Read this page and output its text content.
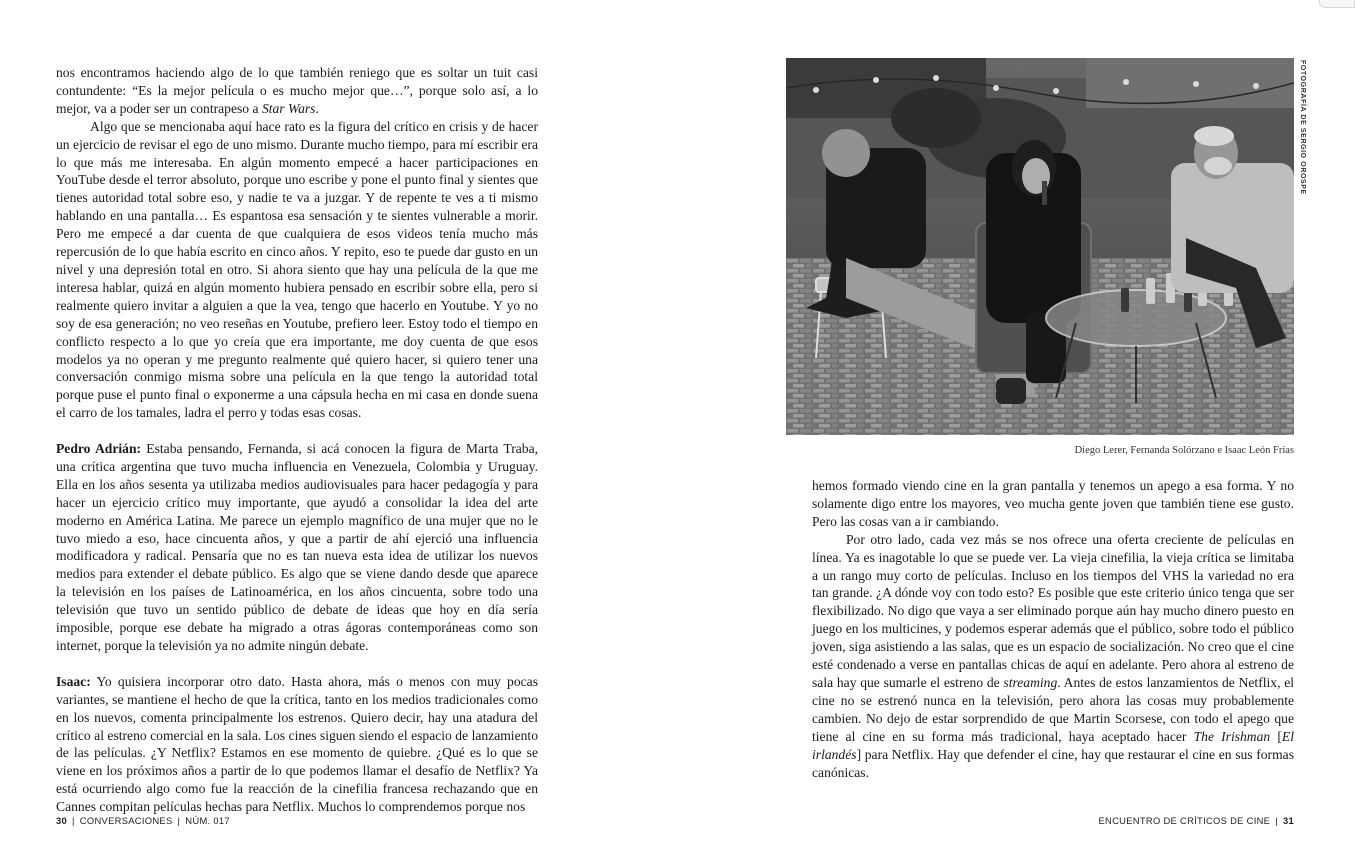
nos encontramos haciendo algo de lo que también reniego que es soltar un tuit casi contundente: “Es la mejor película o es mucho mejor que…”, porque solo así, a lo mejor, va a poder ser un contrapeso a Star Wars.

Algo que se mencionaba aquí hace rato es la figura del crítico en crisis y de hacer un ejercicio de revisar el ego de uno mismo. Durante mucho tiempo, para mí escribir era lo que más me interesaba. En algún momento empecé a hacer participaciones en YouTube desde el terror absoluto, porque uno escribe y pone el punto final y sientes que tienes autoridad total sobre eso, y nadie te va a juzgar. Y de repente te ves a ti mismo hablando en una pantalla… Es espantosa esa sensación y te sientes vulnerable a morir. Pero me empecé a dar cuenta de que cualquiera de esos videos tenía mucho más repercusión de lo que había escrito en cinco años. Y repito, eso te puede dar gusto en un nivel y una depresión total en otro. Si ahora siento que hay una película de la que me interesa hablar, quizá en algún momento hubiera pensado en escribir sobre ella, pero si realmente quiero invitar a alguien a que la vea, tengo que hacerlo en Youtube. Y yo no soy de esa generación; no veo reseñas en Youtube, prefiero leer. Estoy todo el tiempo en conflicto respecto a lo que yo creía que era importante, me doy cuenta de que esos modelos ya no operan y me pregunto realmente qué quiero hacer, si quiero tener una conversación conmigo misma sobre una película en la que tengo la autoridad total porque puse el punto final o exponerme a una cápsula hecha en mi casa en donde suena el carro de los tamales, ladra el perro y todas esas cosas.

Pedro Adrián: Estaba pensando, Fernanda, si acá conocen la figura de Marta Traba, una crítica argentina que tuvo mucha influencia en Venezuela, Colombia y Uruguay. Ella en los años sesenta ya utilizaba medios audiovisuales para hacer pedagogía y para hacer un ejercicio crítico muy importante, que ayudó a consolidar la idea del arte moderno en América Latina. Me parece un ejemplo magnífico de una mujer que no le tuvo miedo a eso, hace cincuenta años, y que a partir de ahí ejerció una influencia modificadora y radical. Pensaría que no es tan nueva esta idea de utilizar los nuevos medios para extender el debate público. Es algo que se viene dando desde que aparece la televisión en los países de Latinoamérica, en los años cincuenta, sobre todo una televisión que tuvo un sentido público de debate de ideas que hoy en día sería imposible, porque ese debate ha migrado a otras ágoras contemporáneas como son internet, porque la televisión ya no admite ningún debate.

Isaac: Yo quisiera incorporar otro dato. Hasta ahora, más o menos con muy pocas variantes, se mantiene el hecho de que la crítica, tanto en los medios tradicionales como en los nuevos, comenta principalmente los estrenos. Quiero decir, hay una atadura del crítico al estreno comercial en la sala. Los cines siguen siendo el espacio de lanzamiento de las películas. ¿Y Netflix? Estamos en ese momento de quiebre. ¿Qué es lo que se viene en los próximos años a partir de lo que podemos llamar el desafío de Netflix? Ya está ocurriendo algo como fue la reacción de la cinefilia francesa rechazando que en Cannes compitan películas hechas para Netflix. Muchos lo comprendemos porque nos

FOTOGRAFÍA DE SERGIO OROSPE
Diego Lerer, Fernanda Solórzano e Isaac León Frías

hemos formado viendo cine en la gran pantalla y tenemos un apego a esa forma. Y no solamente digo entre los mayores, veo mucha gente joven que también tiene ese gusto. Pero las cosas van a ir cambiando.

Por otro lado, cada vez más se nos ofrece una oferta creciente de películas en línea. Ya es inagotable lo que se puede ver. La vieja cinefilia, la vieja crítica se limitaba a un rango muy corto de películas. Incluso en los tiempos del VHS la variedad no era tan grande. ¿A dónde voy con todo esto? Es posible que este criterio único tenga que ser flexibilizado. No digo que vaya a ser eliminado porque aún hay mucho dinero puesto en juego en los multicines, y podemos esperar además que el público, sobre todo el público joven, siga asistiendo a las salas, que es un espacio de socialización. No creo que el cine esté condenado a verse en pantallas chicas de aquí en adelante. Pero ahora al estreno de sala hay que sumarle el estreno de streaming. Antes de estos lanzamientos de Netflix, el cine no se estrenó nunca en la televisión, pero ahora las cosas muy probablemente cambien. No dejo de estar sorprendido de que Martin Scorsese, con todo el apego que tiene al cine en su forma más tradicional, haya aceptado hacer The Irishman [El irlandés] para Netflix. Hay que defender el cine, hay que restaurar el cine en sus formas canónicas.

30 | CONVERSACIONES | NÚM. 017	ENCUENTRO DE CRÍTICOS DE CINE | 31
